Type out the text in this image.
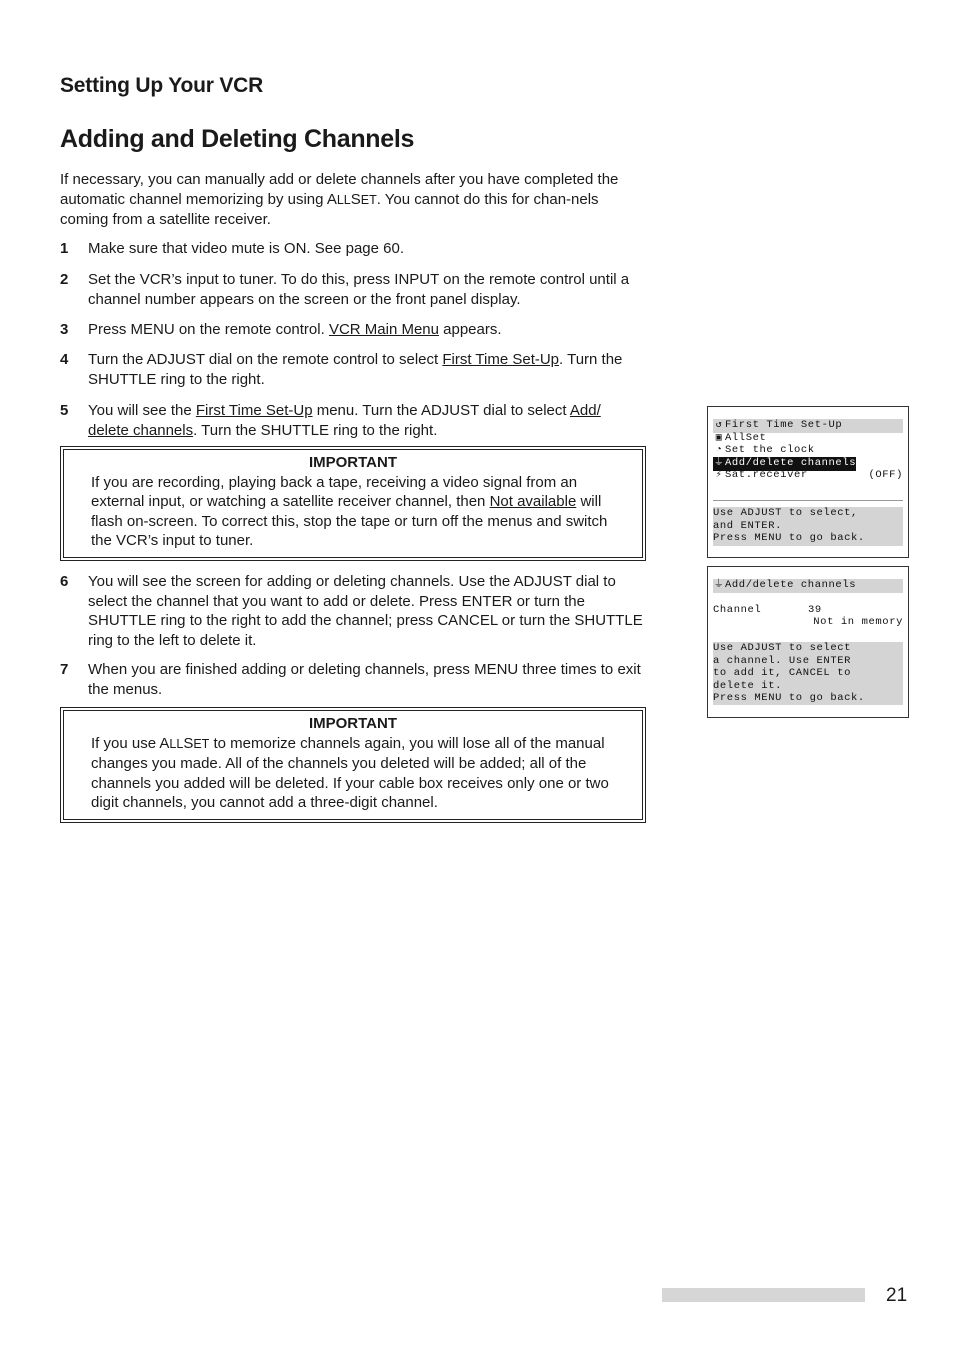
Setting Up Your VCR
Adding and Deleting Channels
If necessary, you can manually add or delete channels after you have completed the automatic channel memorizing by using ALLSET. You cannot do this for chan-nels coming from a satellite receiver.
1	Make sure that video mute is ON. See page 60.
2	Set the VCR’s input to tuner. To do this, press INPUT on the remote control until a channel number appears on the screen or the front panel display.
3	Press MENU on the remote control. VCR Main Menu appears.
4	Turn the ADJUST dial on the remote control to select First Time Set-Up. Turn the SHUTTLE ring to the right.
5	You will see the First Time Set-Up menu. Turn the ADJUST dial to select Add/ delete channels. Turn the SHUTTLE ring to the right.
IMPORTANT
If you are recording, playing back a tape, receiving a video signal from an external input, or watching a satellite receiver channel, then Not available will flash on-screen. To correct this, stop the tape or turn off the menus and switch the VCR’s input to tuner.
6	You will see the screen for adding or deleting channels. Use the ADJUST dial to select the channel that you want to add or delete. Press ENTER or turn the SHUTTLE ring to the right to add the channel; press CANCEL or turn the SHUTTLE ring to the left to delete it.
7	When you are finished adding or deleting channels, press MENU three times to exit the menus.
IMPORTANT
If you use ALLSET to memorize channels again, you will lose all of the manual changes you made. All of the channels you deleted will be added; all of the channels you added will be deleted. If your cable box receives only one or two digit channels, you cannot add a three-digit channel.
↺ First Time Set-Up
▣ AllSet
◔ Set the clock
⏚Add/delete channels
⚡ Sat.receiver	(OFF)
Use ADJUST to select,
and ENTER.
Press MENU to go back.
⏚Add/delete channels
Channel	39
Not in memory
Use ADJUST to select
a channel. Use ENTER
to add it, CANCEL to
delete it.
Press MENU to go back.
21
